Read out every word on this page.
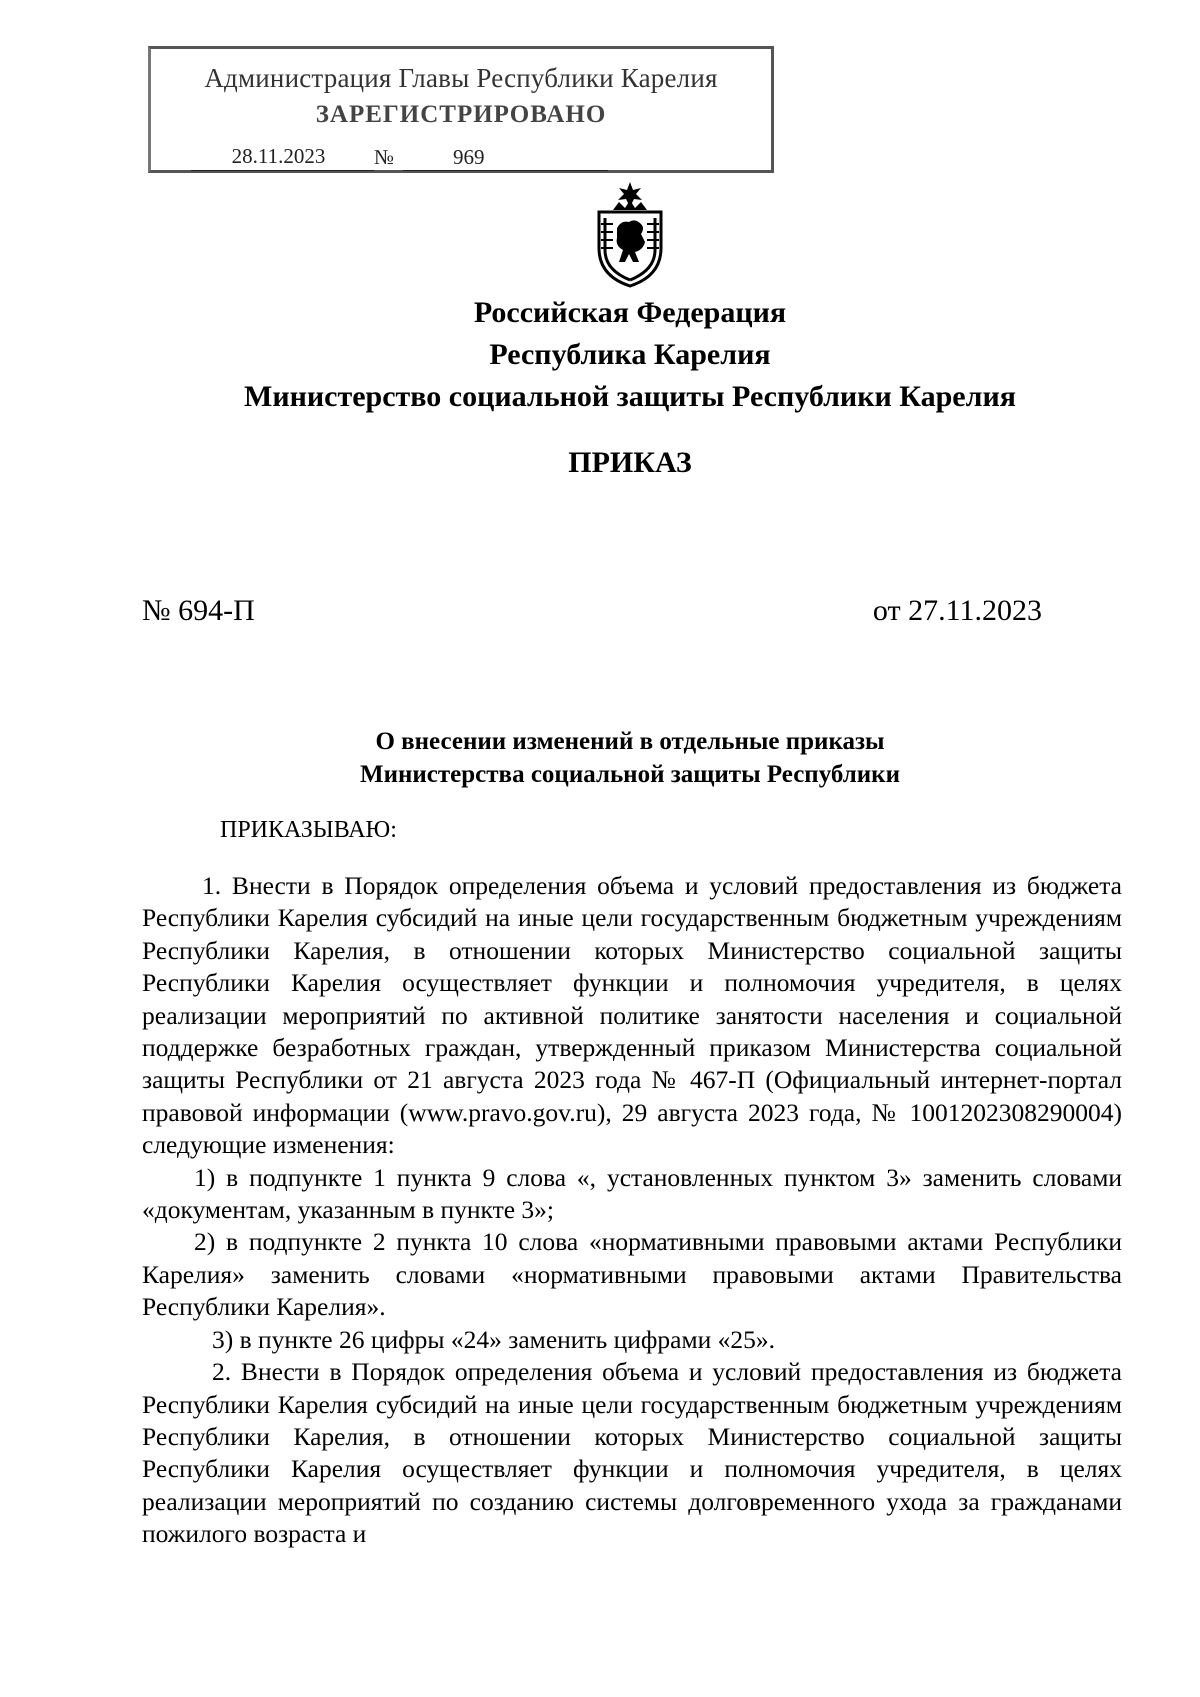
Администрация Главы Республики Карелия
ЗАРЕГИСТРИРОВАНО
28.11.2023	№	969
Российская Федерация
Республика Карелия
Министерство социальной защиты Республики Карелия
ПРИКАЗ
№ 694-П	от 27.11.2023
О внесении изменений в отдельные приказы
Министерства социальной защиты Республики
ПРИКАЗЫВАЮ:

1. Внести в Порядок определения объема и условий предоставления из бюджета Республики Карелия субсидий на иные цели государственным бюджетным учреждениям Республики Карелия, в отношении которых Министерство социальной защиты Республики Карелия осуществляет функции и полномочия учредителя, в целях реализации мероприятий по активной политике занятости населения и социальной поддержке безработных граждан, утвержденный приказом Министерства социальной защиты Республики от 21 августа 2023 года № 467-П (Официальный интернет-портал правовой информации (www.pravo.gov.ru), 29 августа 2023 года, № 1001202308290004) следующие изменения:

1) в подпункте 1 пункта 9 слова «, установленных пунктом 3» заменить словами «документам, указанным в пункте 3»;

2) в подпункте 2 пункта 10 слова «нормативными правовыми актами Республики Карелия» заменить словами «нормативными правовыми актами Правительства Республики Карелия».

3) в пункте 26 цифры «24» заменить цифрами «25».

2. Внести в Порядок определения объема и условий предоставления из бюджета Республики Карелия субсидий на иные цели государственным бюджетным учреждениям Республики Карелия, в отношении которых Министерство социальной защиты Республики Карелия осуществляет функции и полномочия учредителя, в целях реализации мероприятий по созданию системы долговременного ухода за гражданами пожилого возраста и
